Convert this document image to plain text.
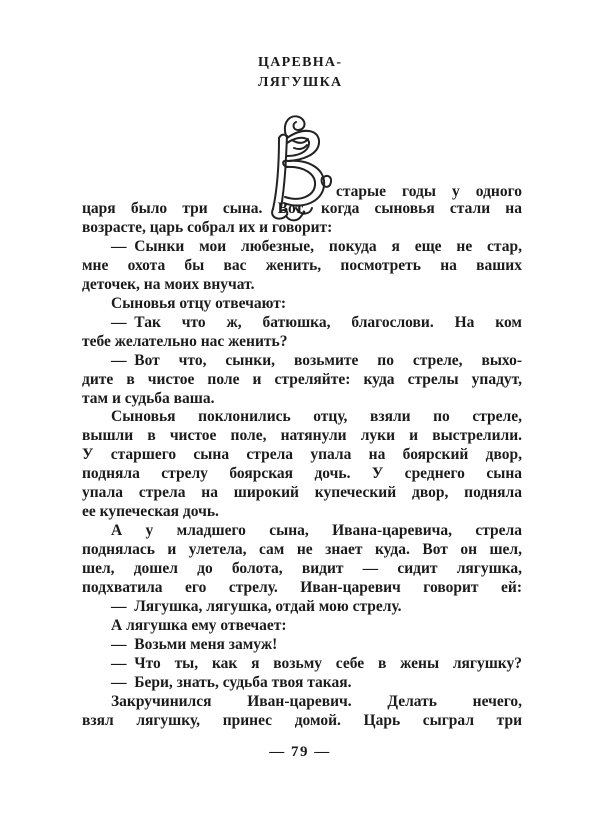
ЦАРЕВНА-
ЛЯГУШКА
старые годы у одного
царя было три сына. Вот, когда сыновья стали на
возрасте, царь собрал их и говорит:
— Сынки мои любезные, покуда я еще не стар,
мне охота бы вас женить, посмотреть на ваших
деточек, на моих внучат.
Сыновья отцу отвечают:
— Так что ж, батюшка, благослови. На ком
тебе желательно нас женить?
— Вот что, сынки, возьмите по стреле, выхо-
дите в чистое поле и стреляйте: куда стрелы упадут,
там и судьба ваша.
Сыновья поклонились отцу, взяли по стреле,
вышли в чистое поле, натянули луки и выстрелили.
У старшего сына стрела упала на боярский двор,
подняла стрелу боярская дочь. У среднего сына
упала стрела на широкий купеческий двор, подняла
ее купеческая дочь.
А у младшего сына, Ивана-царевича, стрела
поднялась и улетела, сам не знает куда. Вот он шел,
шел, дошел до болота, видит — сидит лягушка,
подхватила его стрелу. Иван-царевич говорит ей:
— Лягушка, лягушка, отдай мою стрелу.
А лягушка ему отвечает:
— Возьми меня замуж!
— Что ты, как я возьму себе в жены лягушку?
— Бери, знать, судьба твоя такая.
Закручинился Иван-царевич. Делать нечего,
взял лягушку, принес домой. Царь сыграл три
— 79 —
